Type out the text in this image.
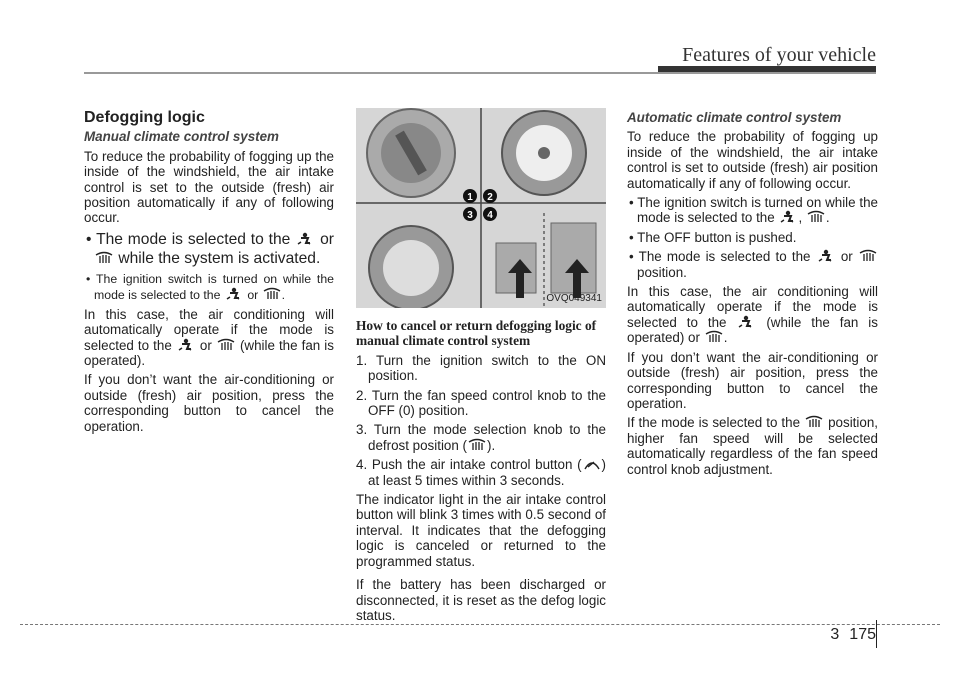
Features of your vehicle
Defogging logic
Manual climate control system

To reduce the probability of fogging up the inside of the windshield, the air intake control is set to the outside (fresh) air position automatically if any of following occur.

• The mode is selected to the or  while the system is activated.

• The ignition switch is turned on while the mode is selected to the or .

In this case, the air conditioning will automatically operate if the mode is selected to the or (while the fan is operated).

If you don’t want the air-conditioning or outside (fresh) air position, press the corresponding button to cancel the operation.

1 2
3 4
OVQ049341
How to cancel or return defogging logic of manual climate control system

1. Turn the ignition switch to the ON position.

2. Turn the fan speed control knob to the OFF (0) position.

3. Turn the mode selection knob to the defrost position ( ).

4. Push the air intake control button ( ) at least 5 times within 3 seconds.

The indicator light in the air intake control button will blink 3 times with 0.5 second of interval. It indicates that the defogging logic is canceled or returned to the programmed status.

If the battery has been discharged or disconnected, it is reset as the defog logic status.

Automatic climate control system

To reduce the probability of fogging up inside of the windshield, the air intake control is set to outside (fresh) air position automatically if any of following occur.

• The ignition switch is turned on while the mode is selected to the , .

• The OFF button is pushed.

• The mode is selected to the or  position.

In this case, the air conditioning will automatically operate if the mode is selected to the	(while the fan is operated) or .

If you don’t want the air-conditioning or outside (fresh) air position, press the corresponding button to cancel the operation.

If the mode is selected to the position, higher fan speed will be selected automatically regardless of the fan speed control knob adjustment.

3 175
